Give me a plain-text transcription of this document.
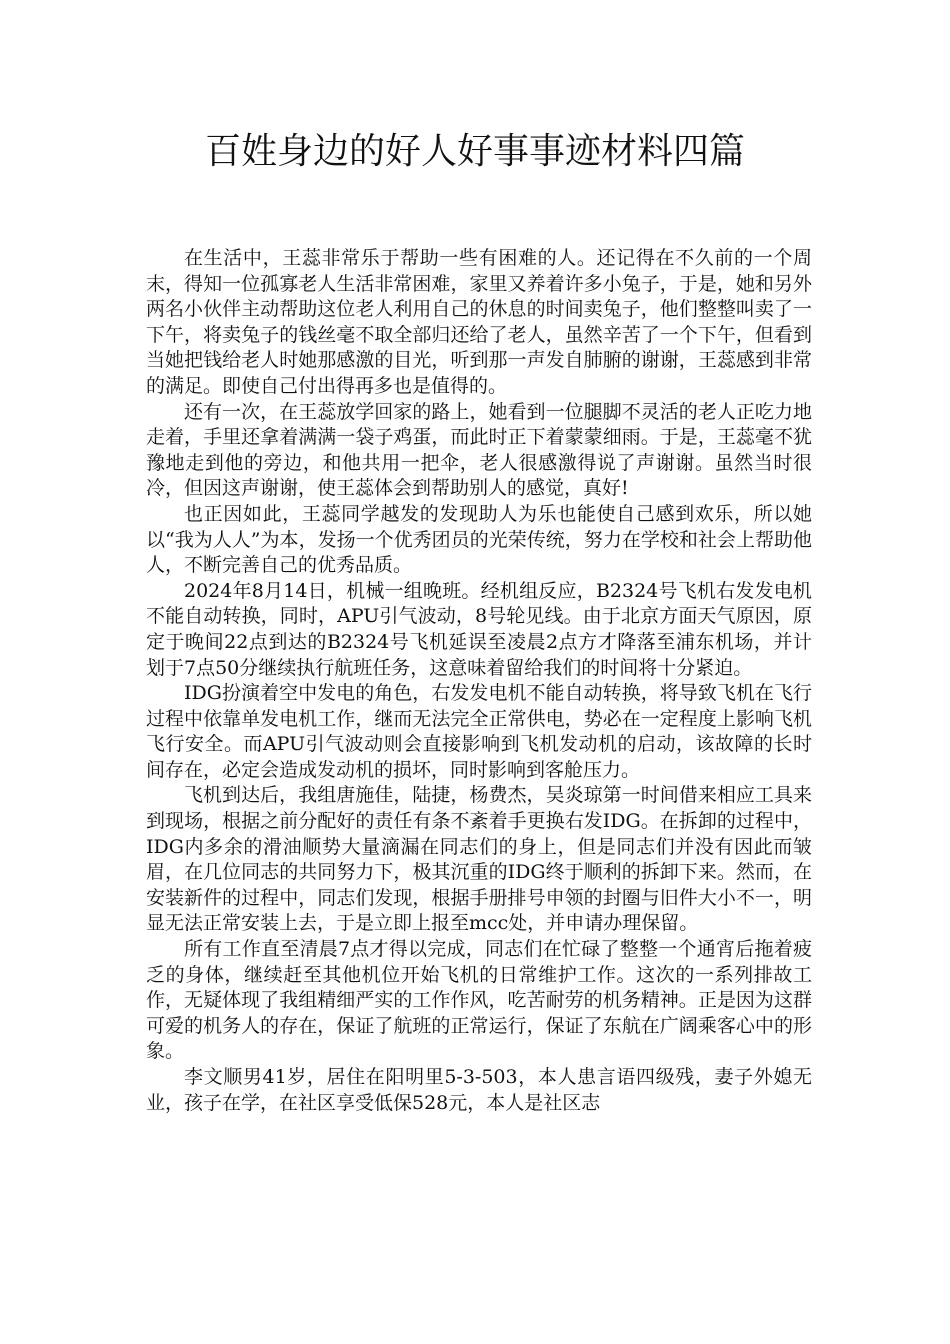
百姓身边的好人好事事迹材料四篇

在生活中，王蕊非常乐于帮助一些有困难的人。还记得在不久前的一个周末，得知一位孤寡老人生活非常困难，家里又养着许多小兔子，于是，她和另外两名小伙伴主动帮助这位老人利用自己的休息的时间卖兔子，他们整整叫卖了一下午，将卖兔子的钱丝毫不取全部归还给了老人，虽然辛苦了一个下午，但看到当她把钱给老人时她那感激的目光，听到那一声发自肺腑的谢谢，王蕊感到非常的满足。即使自己付出得再多也是值得的。

还有一次，在王蕊放学回家的路上，她看到一位腿脚不灵活的老人正吃力地走着，手里还拿着满满一袋子鸡蛋，而此时正下着蒙蒙细雨。于是，王蕊毫不犹豫地走到他的旁边，和他共用一把伞，老人很感激得说了声谢谢。虽然当时很冷，但因这声谢谢，使王蕊体会到帮助别人的感觉，真好!

也正因如此，王蕊同学越发的发现助人为乐也能使自己感到欢乐，所以她以“我为人人”为本，发扬一个优秀团员的光荣传统，努力在学校和社会上帮助他人，不断完善自己的优秀品质。

2024年8月14日，机械一组晚班。经机组反应，B2324号飞机右发发电机不能自动转换，同时，APU引气波动，8号轮见线。由于北京方面天气原因，原定于晚间22点到达的B2324号飞机延误至凌晨2点方才降落至浦东机场，并计划于7点50分继续执行航班任务，这意味着留给我们的时间将十分紧迫。

IDG扮演着空中发电的角色，右发发电机不能自动转换，将导致飞机在飞行过程中依靠单发电机工作，继而无法完全正常供电，势必在一定程度上影响飞机飞行安全。而APU引气波动则会直接影响到飞机发动机的启动，该故障的长时间存在，必定会造成发动机的损坏，同时影响到客舱压力。

飞机到达后，我组唐施佳，陆捷，杨费杰，吴炎琼第一时间借来相应工具来到现场，根据之前分配好的责任有条不紊着手更换右发IDG。在拆卸的过程中，IDG内多余的滑油顺势大量滴漏在同志们的身上，但是同志们并没有因此而皱眉，在几位同志的共同努力下，极其沉重的IDG终于顺利的拆卸下来。然而，在安装新件的过程中，同志们发现，根据手册排号申领的封圈与旧件大小不一，明显无法正常安装上去，于是立即上报至mcc处，并申请办理保留。

所有工作直至清晨7点才得以完成，同志们在忙碌了整整一个通宵后拖着疲乏的身体，继续赶至其他机位开始飞机的日常维护工作。这次的一系列排故工作，无疑体现了我组精细严实的工作作风，吃苦耐劳的机务精神。正是因为这群可爱的机务人的存在，保证了航班的正常运行，保证了东航在广阔乘客心中的形象。

李文顺男41岁，居住在阳明里5-3-503，本人患言语四级残，妻子外媳无业，孩子在学，在社区享受低保528元，本人是社区志
